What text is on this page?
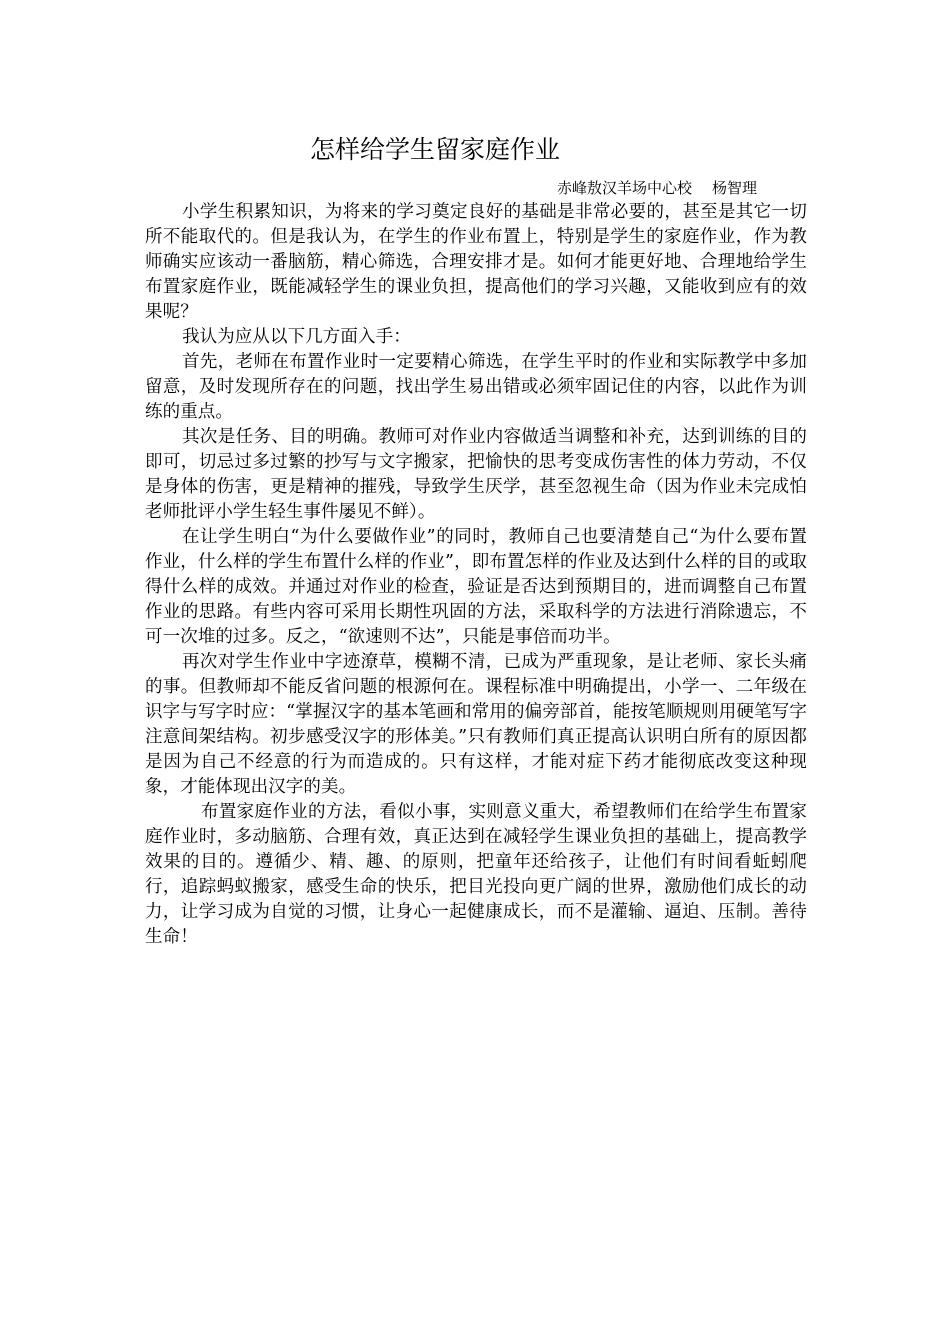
怎样给学生留家庭作业
赤峰敖汉羊场中心校 杨智理

小学生积累知识，为将来的学习奠定良好的基础是非常必要的，甚至是其它一切所不能取代的。但是我认为，在学生的作业布置上，特别是学生的家庭作业，作为教师确实应该动一番脑筋，精心筛选，合理安排才是。如何才能更好地、合理地给学生布置家庭作业，既能减轻学生的课业负担，提高他们的学习兴趣，又能收到应有的效果呢？

我认为应从以下几方面入手：

首先，老师在布置作业时一定要精心筛选，在学生平时的作业和实际教学中多加留意，及时发现所存在的问题，找出学生易出错或必须牢固记住的内容，以此作为训练的重点。

其次是任务、目的明确。教师可对作业内容做适当调整和补充，达到训练的目的即可，切忌过多过繁的抄写与文字搬家，把愉快的思考变成伤害性的体力劳动，不仅是身体的伤害，更是精神的摧残，导致学生厌学，甚至忽视生命（因为作业未完成怕老师批评小学生轻生事件屡见不鲜）。

在让学生明白“为什么要做作业”的同时，教师自己也要清楚自己“为什么要布置作业，什么样的学生布置什么样的作业”，即布置怎样的作业及达到什么样的目的或取得什么样的成效。并通过对作业的检查，验证是否达到预期目的，进而调整自己布置作业的思路。有些内容可采用长期性巩固的方法，采取科学的方法进行消除遗忘，不可一次堆的过多。反之，“欲速则不达”，只能是事倍而功半。

再次对学生作业中字迹潦草，模糊不清，已成为严重现象，是让老师、家长头痛的事。但教师却不能反省问题的根源何在。课程标准中明确提出，小学一、二年级在识字与写字时应：“掌握汉字的基本笔画和常用的偏旁部首，能按笔顺规则用硬笔写字注意间架结构。初步感受汉字的形体美。”只有教师们真正提高认识明白所有的原因都是因为自己不经意的行为而造成的。只有这样，才能对症下药才能彻底改变这种现象，才能体现出汉字的美。

布置家庭作业的方法，看似小事，实则意义重大，希望教师们在给学生布置家庭作业时，多动脑筋、合理有效，真正达到在减轻学生课业负担的基础上，提高教学效果的目的。遵循少、精、趣、的原则，把童年还给孩子，让他们有时间看蚯蚓爬行，追踪蚂蚁搬家，感受生命的快乐，把目光投向更广阔的世界，激励他们成长的动力，让学习成为自觉的习惯，让身心一起健康成长，而不是灌输、逼迫、压制。善待生命！
